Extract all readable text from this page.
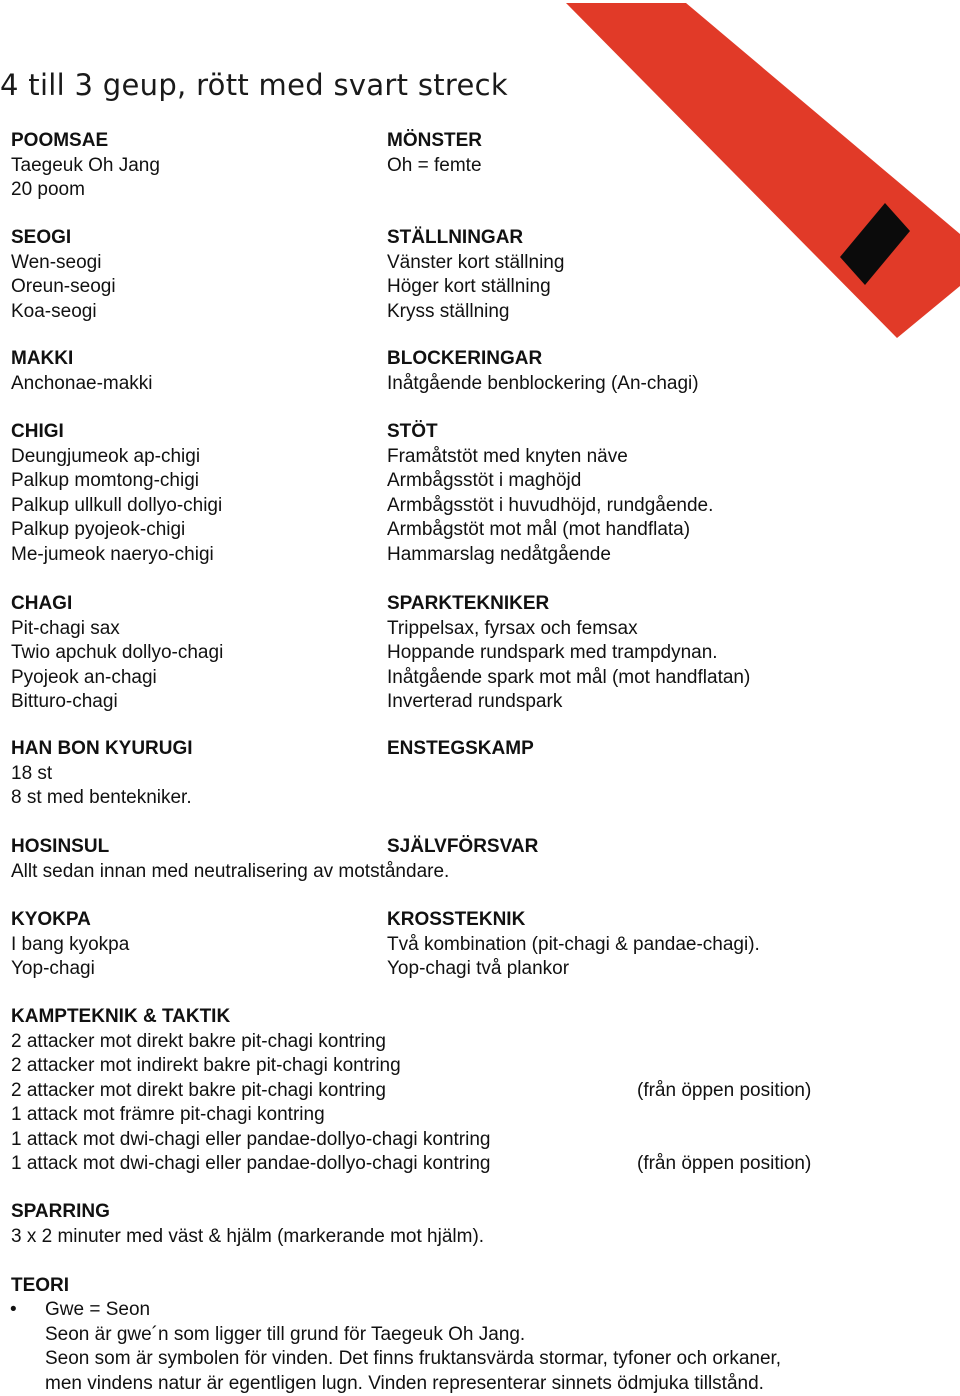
4 till 3 geup, rött med svart streck
POOMSAE
Taegeuk Oh Jang
20 poom
SEOGI
Wen-seogi
Oreun-seogi
Koa-seogi
MAKKI
Anchonae-makki
CHIGI
Deungjumeok ap-chigi
Palkup momtong-chigi
Palkup ullkull dollyo-chigi
Palkup pyojeok-chigi
Me-jumeok naeryo-chigi
CHAGI
Pit-chagi sax
Twio apchuk dollyo-chagi
Pyojeok an-chagi
Bitturo-chagi
HAN BON KYURUGI
18 st
8 st med bentekniker.
HOSINSUL
Allt sedan innan med neutralisering av motståndare.
KYOKPA
I bang kyokpa
Yop-chagi
MÖNSTER
Oh = femte
STÄLLNINGAR
Vänster kort ställning
Höger kort ställning
Kryss ställning
BLOCKERINGAR
Inåtgående benblockering (An-chagi)
STÖT
Framåtstöt med knyten näve
Armbågsstöt i maghöjd
Armbågsstöt i huvudhöjd, rundgående.
Armbågstöt mot mål (mot handflata)
Hammarslag nedåtgående
SPARKTEKNIKER
Trippelsax, fyrsax och femsax
Hoppande rundspark med trampdynan.
Inåtgående spark mot mål (mot handflatan)
Inverterad rundspark
ENSTEGSKAMP
SJÄLVFÖRSVAR
KROSSTEKNIK
Två kombination (pit-chagi & pandae-chagi).
Yop-chagi två plankor
KAMPTEKNIK & TAKTIK
2 attacker mot direkt bakre pit-chagi kontring
2 attacker mot indirekt bakre pit-chagi kontring
2 attacker mot direkt bakre pit-chagi kontring
1 attack mot främre pit-chagi kontring
1 attack mot dwi-chagi eller pandae-dollyo-chagi kontring
1 attack mot dwi-chagi eller pandae-dollyo-chagi kontring
(från öppen position)
(från öppen position)
SPARRING
3 x 2 minuter med väst & hjälm (markerande mot hjälm).
TEORI
• Gwe = Seon
Seon är gwe´n som ligger till grund för Taegeuk Oh Jang.
Seon som är symbolen för vinden. Det finns fruktansvärda stormar, tyfoner och orkaner,
men vindens natur är egentligen lugn. Vinden representerar sinnets ödmjuka tillstånd.
